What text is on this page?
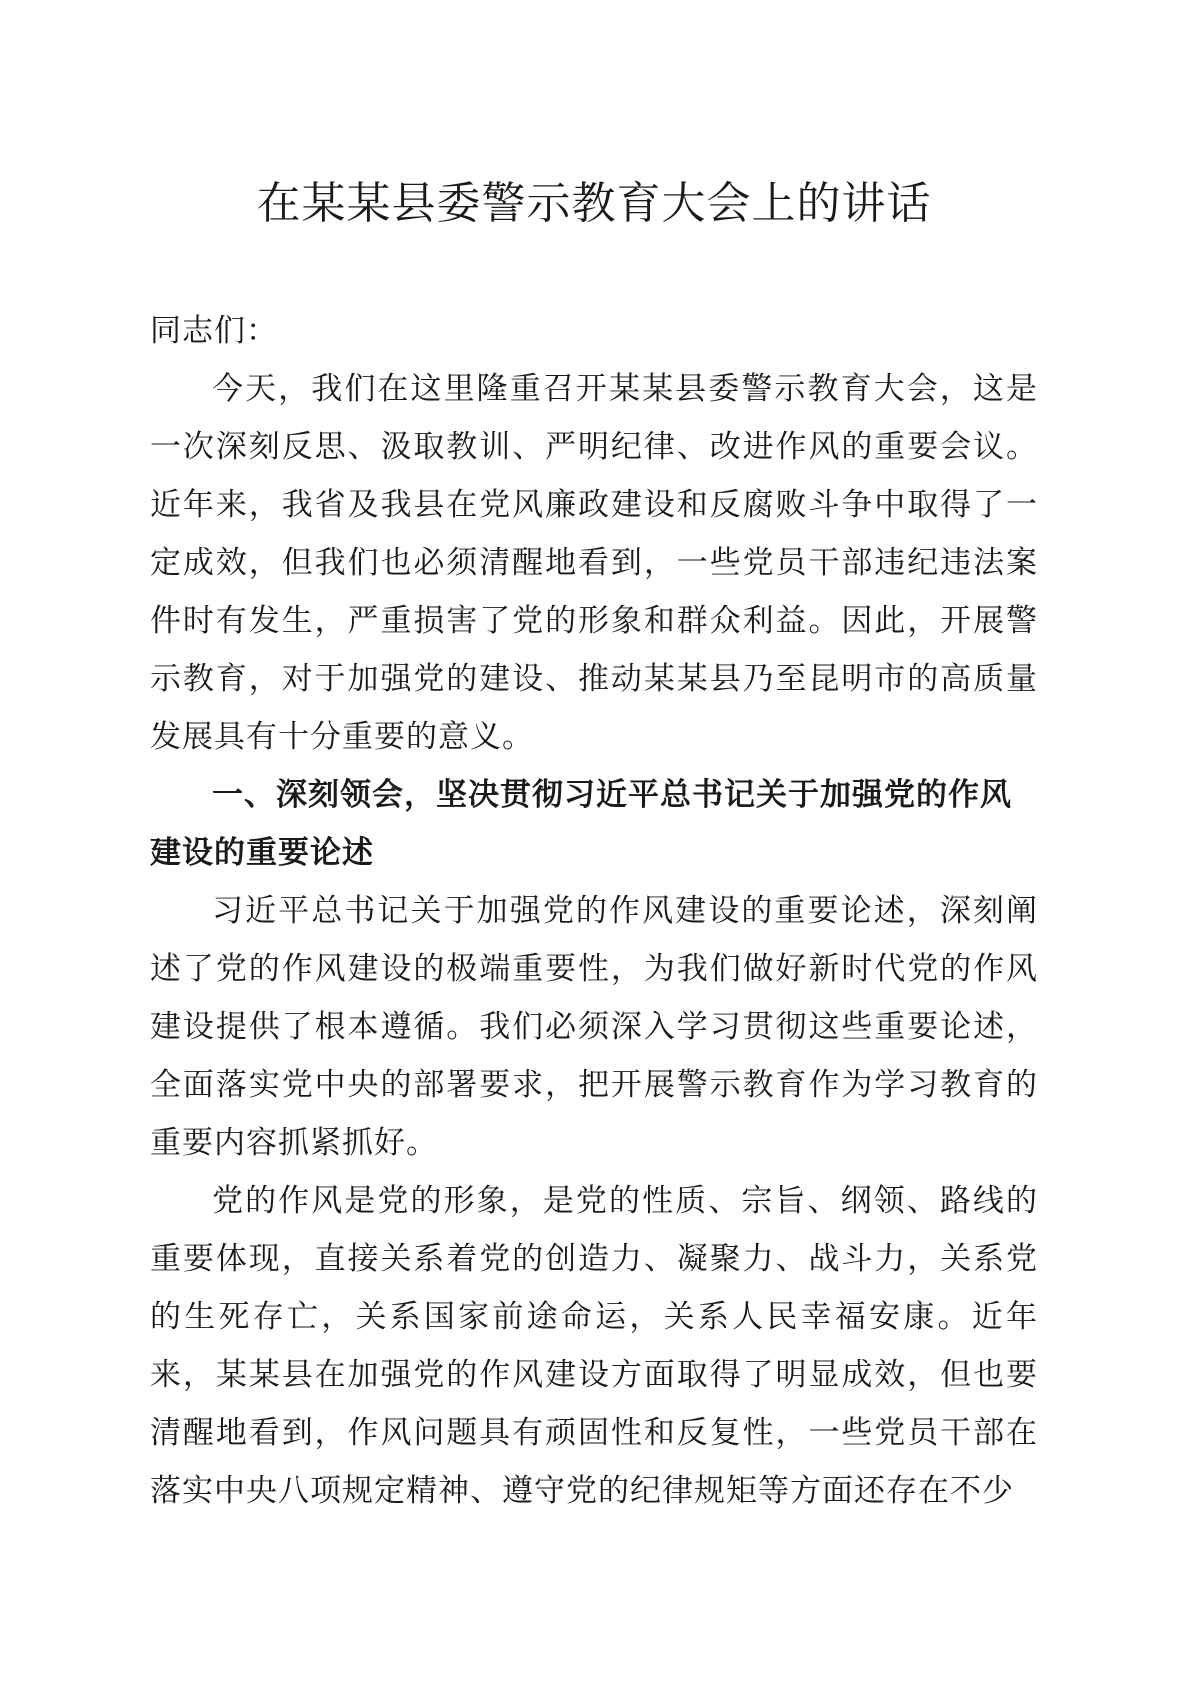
在某某县委警示教育大会上的讲话

同志们：

今天，我们在这里隆重召开某某县委警示教育大会，这是一次深刻反思、汲取教训、严明纪律、改进作风的重要会议。近年来，我省及我县在党风廉政建设和反腐败斗争中取得了一定成效，但我们也必须清醒地看到，一些党员干部违纪违法案件时有发生，严重损害了党的形象和群众利益。因此，开展警示教育，对于加强党的建设、推动某某县乃至昆明市的高质量发展具有十分重要的意义。

一、深刻领会，坚决贯彻习近平总书记关于加强党的作风建设的重要论述

习近平总书记关于加强党的作风建设的重要论述，深刻阐述了党的作风建设的极端重要性，为我们做好新时代党的作风建设提供了根本遵循。我们必须深入学习贯彻这些重要论述，全面落实党中央的部署要求，把开展警示教育作为学习教育的重要内容抓紧抓好。

党的作风是党的形象，是党的性质、宗旨、纲领、路线的重要体现，直接关系着党的创造力、凝聚力、战斗力，关系党的生死存亡，关系国家前途命运，关系人民幸福安康。近年来，某某县在加强党的作风建设方面取得了明显成效，但也要清醒地看到，作风问题具有顽固性和反复性，一些党员干部在落实中央八项规定精神、遵守党的纪律规矩等方面还存在不少
